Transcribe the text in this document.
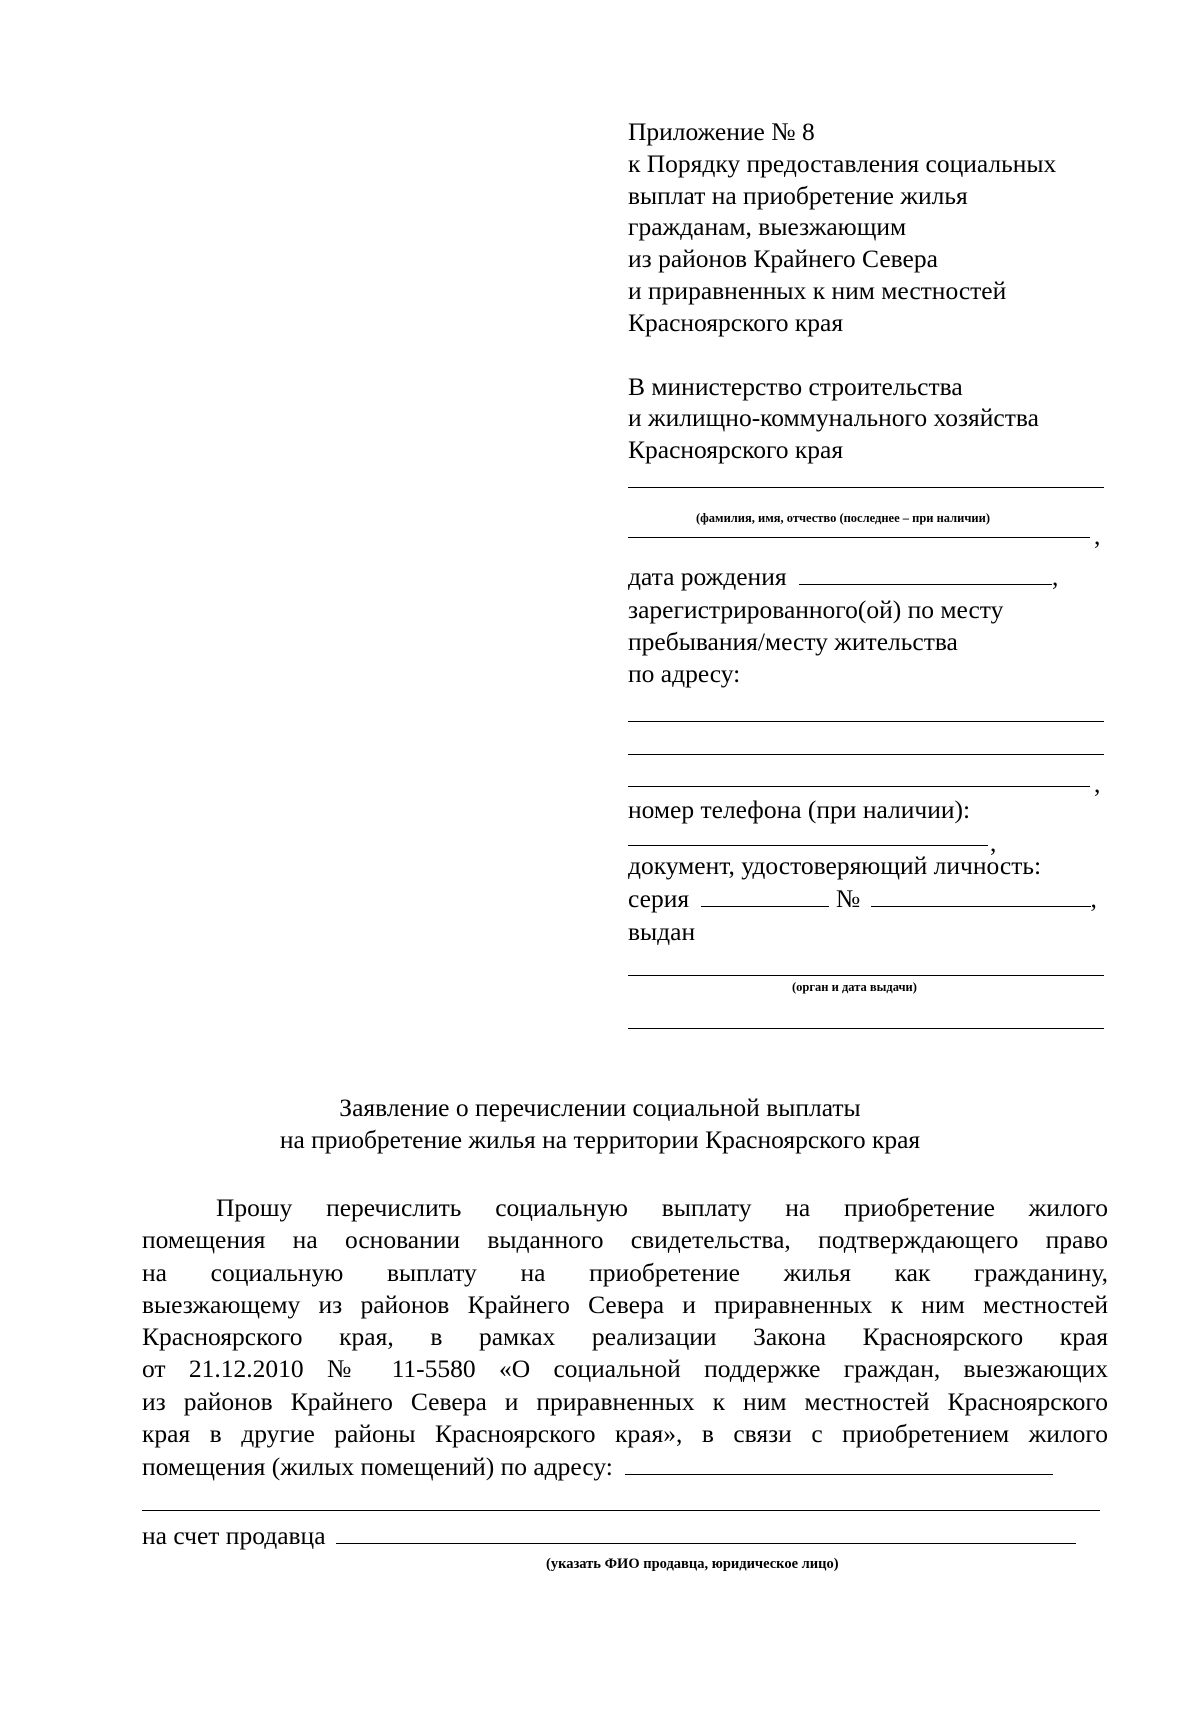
Приложение № 8
к Порядку предоставления социальных
выплат на приобретение жилья
гражданам, выезжающим
из районов Крайнего Севера
и приравненных к ним местностей
Красноярского края
В министерство строительства
и жилищно-коммунального хозяйства
Красноярского края
(фамилия, имя, отчество (последнее – при наличии)
,
дата рождения	,
зарегистрированного(ой) по месту
пребывания/месту жительства
по адресу:
,
номер телефона (при наличии):
,
документ, удостоверяющий личность:
серия	№	,
выдан
(орган и дата выдачи)
Заявление о перечислении социальной выплаты
на приобретение жилья на территории Красноярского края
Прошу перечислить социальную выплату на приобретение жилого
помещения на основании выданного свидетельства, подтверждающего право
на социальную выплату на приобретение жилья как гражданину,
выезжающему из районов Крайнего Севера и приравненных к ним местностей
Красноярского края, в рамках реализации Закона Красноярского края
от 21.12.2010 № 11-5580 «О социальной поддержке граждан, выезжающих
из районов Крайнего Севера и приравненных к ним местностей Красноярского
края в другие районы Красноярского края», в связи с приобретением жилого
помещения (жилых помещений) по адресу:
на счет продавца
(указать ФИО продавца, юридическое лицо)
